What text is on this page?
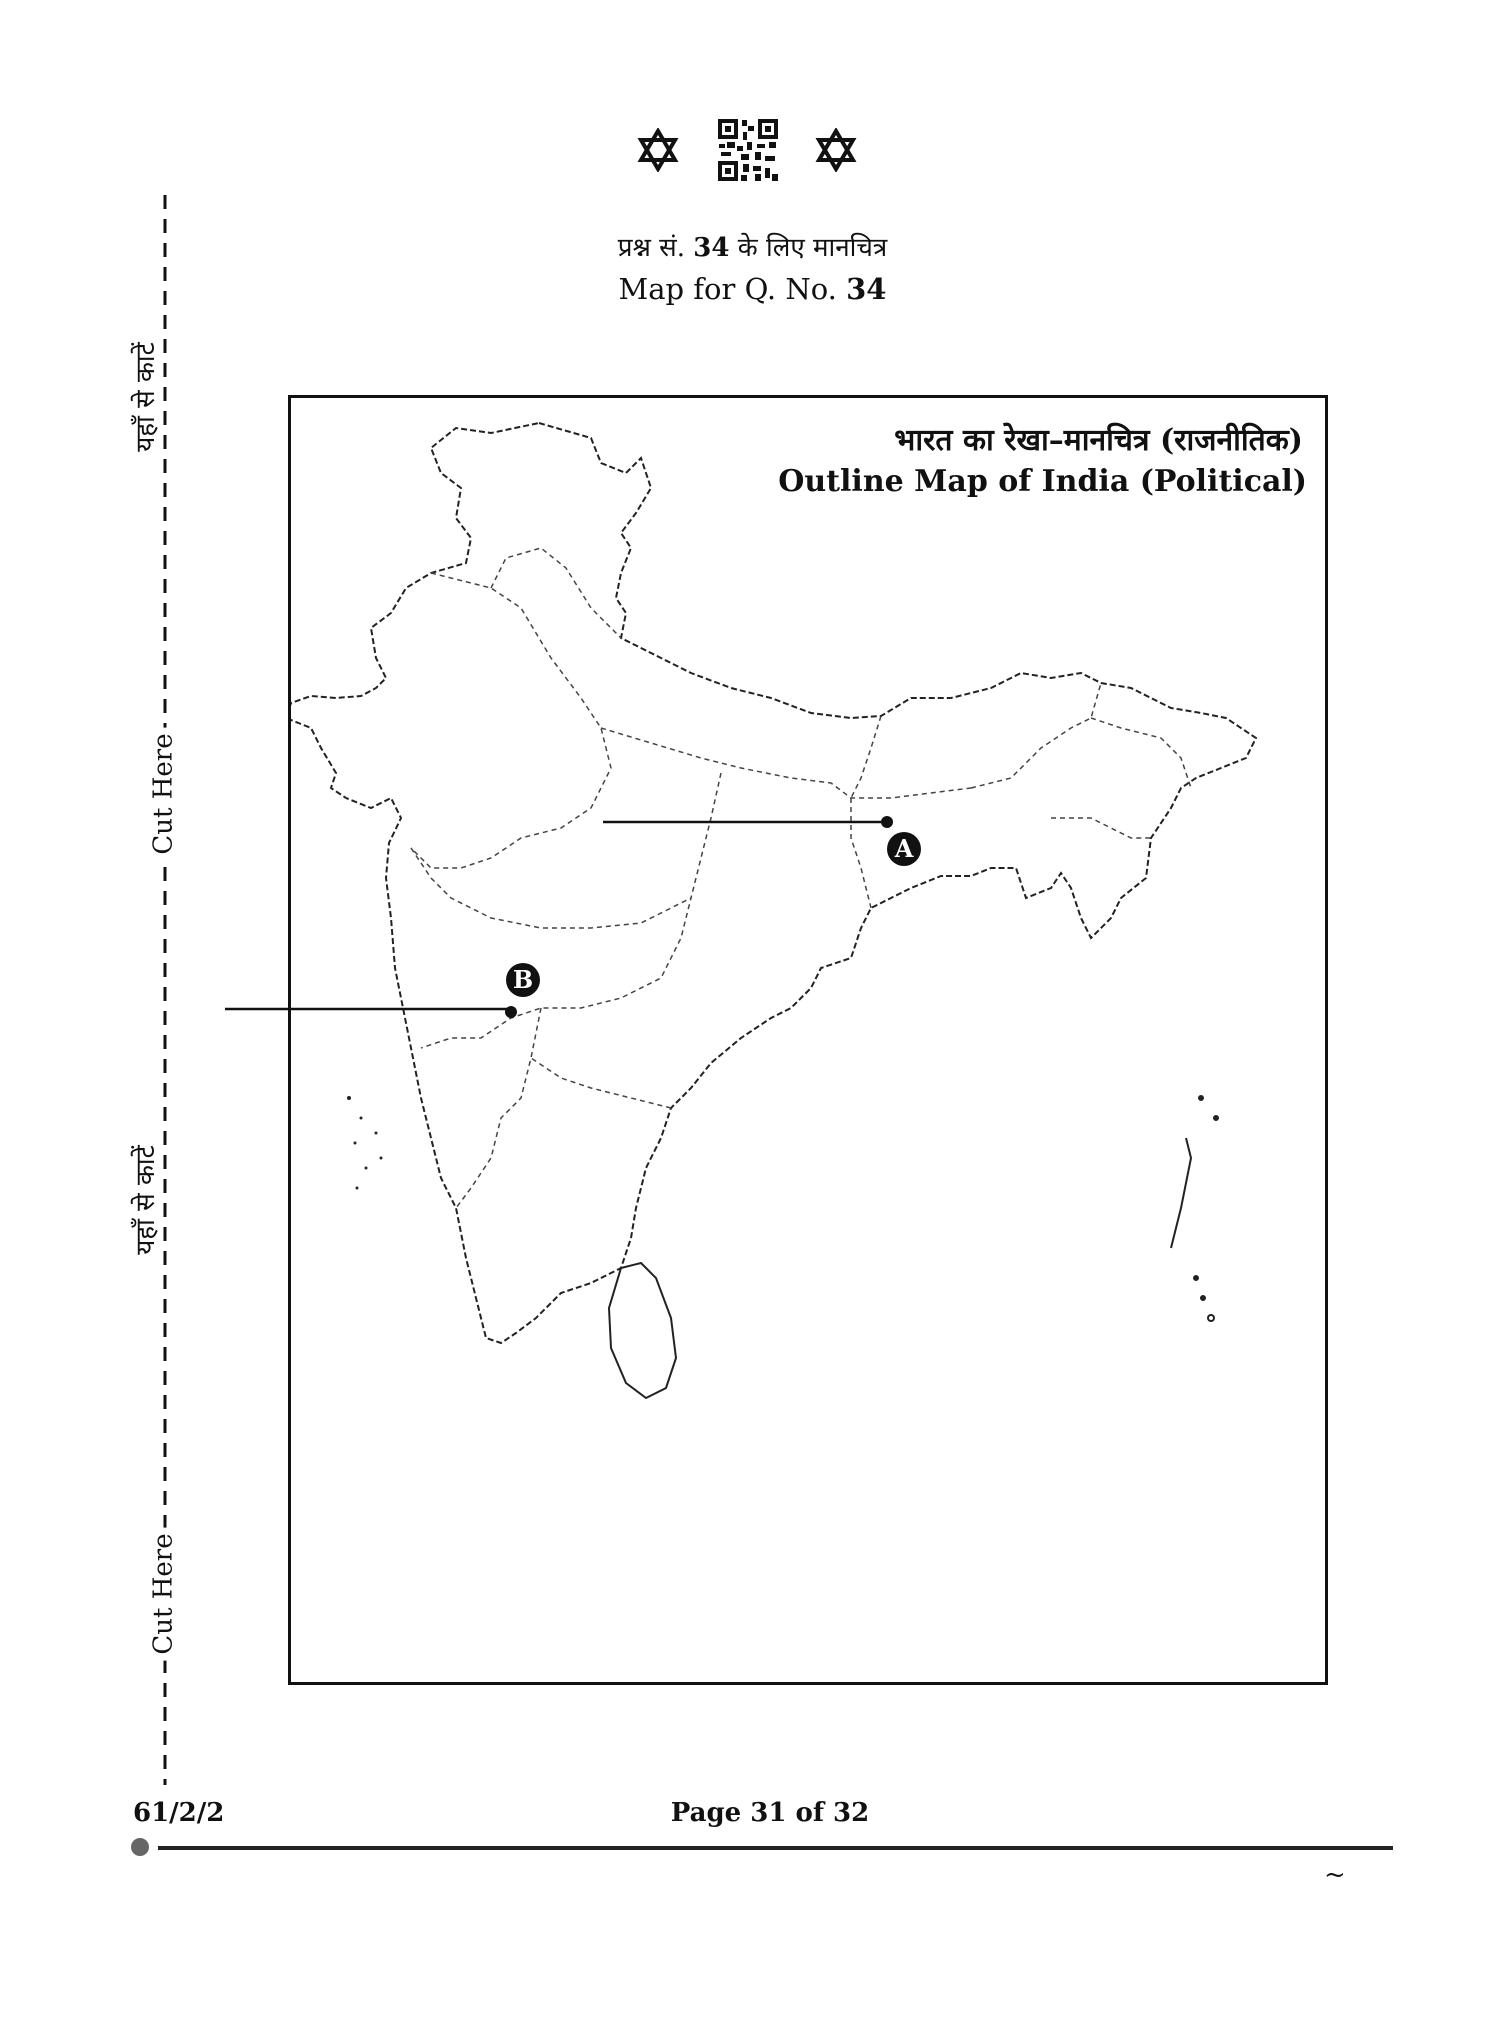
प्रश्न सं. 34 के लिए मानचित्र
Map for Q. No. 34
यहाँ से काटें
Cut Here
यहाँ से काटें
Cut Here
भारत का रेखा–मानचित्र (राजनीतिक)
Outline Map of India (Political)
A
B
61/2/2	Page 31 of 32
~
